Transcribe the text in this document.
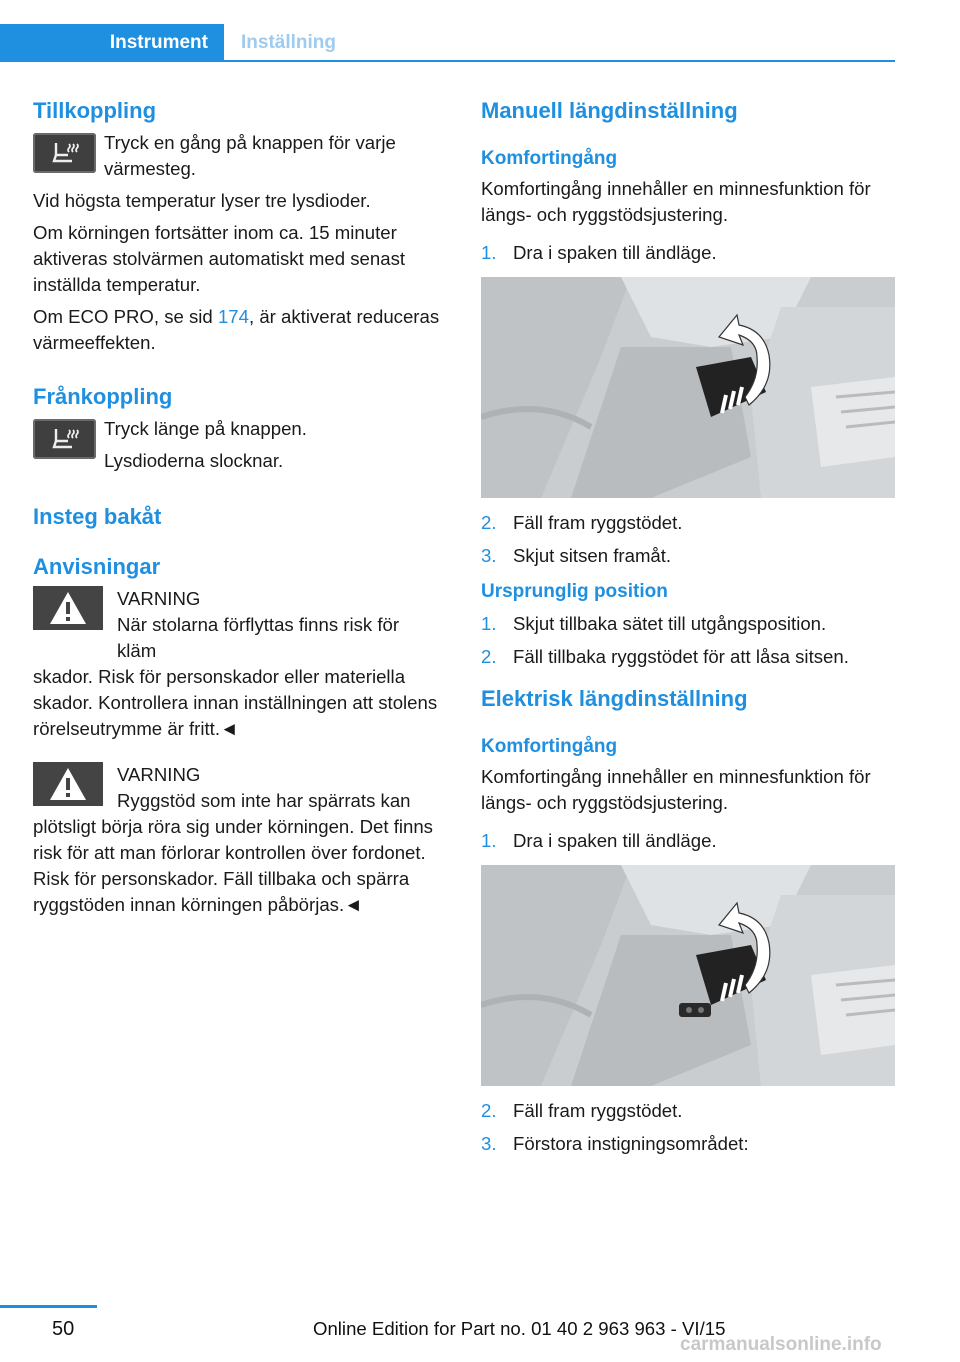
Instrument Inställning
Tillkoppling
Tryck en gång på knappen för varje värmesteg.

Vid högsta temperatur lyser tre lysdioder.

Om körningen fortsätter inom ca. 15 minuter aktiveras stolvärmen automatiskt med senast inställda temperatur.

Om ECO PRO, se sid 174, är aktiverat reduceras värmeeffekten.

Frånkoppling
Tryck länge på knappen.
Lysdioderna slocknar.
Insteg bakåt
Anvisningar
VARNING
När stolarna förflyttas finns risk för kläm

skador. Risk för personskador eller materiella skador. Kontrollera innan inställningen att stolens rörelseutrymme är fritt.◄

VARNING
Ryggstöd som inte har spärrats kan

plötsligt börja röra sig under körningen. Det finns risk för att man förlorar kontrollen över fordonet. Risk för personskador. Fäll tillbaka och spärra ryggstöden innan körningen påbörjas.◄

Manuell längdinställning
Komfortingång

Komfortingång innehåller en minnesfunktion för längs- och ryggstödsjustering.

1. Dra i spaken till ändläge.
2. Fäll fram ryggstödet.
3. Skjut sitsen framåt.
Ursprunglig position
1. Skjut tillbaka sätet till utgångsposition.
2. Fäll tillbaka ryggstödet för att låsa sitsen.
Elektrisk längdinställning
Komfortingång

Komfortingång innehåller en minnesfunktion för längs- och ryggstödsjustering.

1. Dra i spaken till ändläge.
2. Fäll fram ryggstödet.
3. Förstora instigningsområdet:
50	Online Edition for Part no. 01 40 2 963 963 - VI/15
carmanualsonline.info
